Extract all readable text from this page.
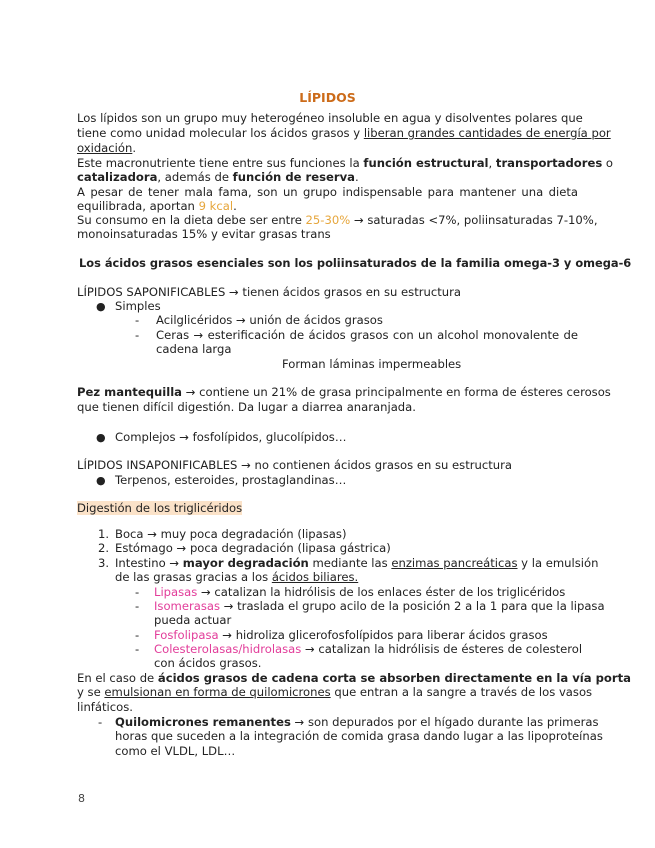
LÍPIDOS
Los lípidos son un grupo muy heterogéneo insoluble en agua y disolventes polares que
tiene como unidad molecular los ácidos grasos y liberan grandes cantidades de energía por
oxidación.
Este macronutriente tiene entre sus funciones la función estructural, transportadores o
catalizadora, además de función de reserva.
A pesar de tener mala fama, son un grupo indispensable para mantener una dieta
equilibrada, aportan 9 kcal.
Su consumo en la dieta debe ser entre 25-30% → saturadas <7%, poliinsaturadas 7-10%,
monoinsaturadas 15% y evitar grasas trans
Los ácidos grasos esenciales son los poliinsaturados de la familia omega-3 y omega-6
LÍPIDOS SAPONIFICABLES → tienen ácidos grasos en su estructura
● Simples
- Acilglicéridos → unión de ácidos grasos
- Ceras → esterificación de ácidos grasos con un alcohol monovalente de
cadena larga
Forman láminas impermeables
Pez mantequilla → contiene un 21% de grasa principalmente en forma de ésteres cerosos
que tienen difícil digestión. Da lugar a diarrea anaranjada.
● Complejos → fosfolípidos, glucolípidos…
LÍPIDOS INSAPONIFICABLES → no contienen ácidos grasos en su estructura
● Terpenos, esteroides, prostaglandinas…
Digestión de los triglicéridos
1. Boca → muy poca degradación (lipasas)
2. Estómago → poca degradación (lipasa gástrica)
3. Intestino → mayor degradación mediante las enzimas pancreáticas y la emulsión
de las grasas gracias a los ácidos biliares.
- Lipasas → catalizan la hidrólisis de los enlaces éster de los triglicéridos
- Isomerasas → traslada el grupo acilo de la posición 2 a la 1 para que la lipasa
pueda actuar
- Fosfolipasa → hidroliza glicerofosfolípidos para liberar ácidos grasos
- Colesterolasas/hidrolasas → catalizan la hidrólisis de ésteres de colesterol
con ácidos grasos.
En el caso de ácidos grasos de cadena corta se absorben directamente en la vía porta
y se emulsionan en forma de quilomicrones que entran a la sangre a través de los vasos
linfáticos.
- Quilomicrones remanentes → son depurados por el hígado durante las primeras
horas que suceden a la integración de comida grasa dando lugar a las lipoproteínas
como el VLDL, LDL…
8
